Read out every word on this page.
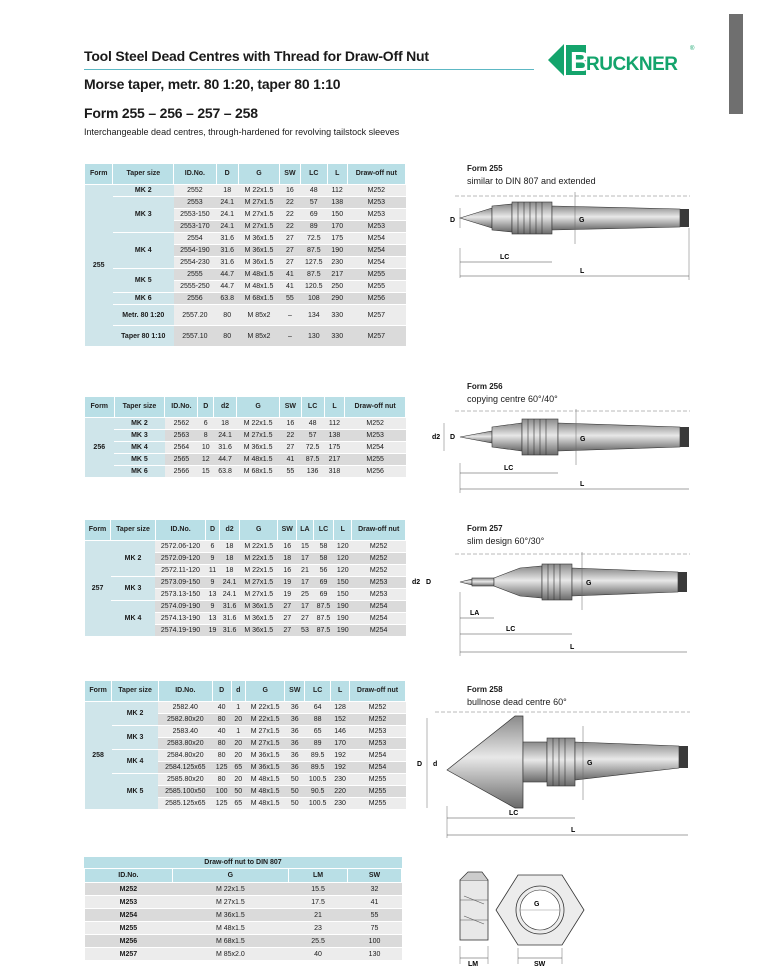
Tool Steel Dead Centres with Thread for Draw-Off Nut
Morse taper, metr. 80 1:20, taper 80 1:10
Form 255 – 256 – 257 – 258
Interchangeable dead centres, through-hardened for revolving tailstock sleeves
B
RUCKNER
®
Form	Taper size	ID.No.	D	G	SW	LC	L	Draw-off nut
255	MK 2	2552	18	M 22x1.5	16	48	112	M252
	MK 3	2553	24.1	M 27x1.5	22	57	138	M253
		2553-150	24.1	M 27x1.5	22	69	150	M253
		2553-170	24.1	M 27x1.5	22	89	170	M253
	MK 4	2554	31.6	M 36x1.5	27	72.5	175	M254
		2554-190	31.6	M 36x1.5	27	87.5	190	M254
		2554-230	31.6	M 36x1.5	27	127.5	230	M254
	MK 5	2555	44.7	M 48x1.5	41	87.5	217	M255
		2555-250	44.7	M 48x1.5	41	120.5	250	M255
	MK 6	2556	63.8	M 68x1.5	55	108	290	M256
	Metr. 80 1:20	2557.20	80	M 85x2	–	134	330	M257
	Taper 80 1:10	2557.10	80	M 85x2	–	130	330	M257
Form	Taper size	ID.No.	D	d2	G	SW	LC	L	Draw-off nut
256	MK 2	2562	6	18	M 22x1.5	16	48	112	M252
	MK 3	2563	8	24.1	M 27x1.5	22	57	138	M253
	MK 4	2564	10	31.6	M 36x1.5	27	72.5	175	M254
	MK 5	2565	12	44.7	M 48x1.5	41	87.5	217	M255
	MK 6	2566	15	63.8	M 68x1.5	55	136	318	M256
Form	Taper size	ID.No.	D	d2	G	SW	LA	LC	L	Draw-off nut
257	MK 2	2572.06-120	6	18	M 22x1.5	16	15	58	120	M252
		2572.09-120	9	18	M 22x1.5	18	17	58	120	M252
		2572.11-120	11	18	M 22x1.5	16	21	56	120	M252
	MK 3	2573.09-150	9	24.1	M 27x1.5	19	17	69	150	M253
		2573.13-150	13	24.1	M 27x1.5	19	25	69	150	M253
	MK 4	2574.09-190	9	31.6	M 36x1.5	27	17	87.5	190	M254
		2574.13-190	13	31.6	M 36x1.5	27	27	87.5	190	M254
		2574.19-190	19	31.6	M 36x1.5	27	53	87.5	190	M254
Form	Taper size	ID.No.	D	d	G	SW	LC	L	Draw-off nut
258	MK 2	2582.40	40	1	M 22x1.5	36	64	128	M252
		2582.80x20	80	20	M 22x1.5	36	88	152	M252
	MK 3	2583.40	40	1	M 27x1.5	36	65	146	M253
		2583.80x20	80	20	M 27x1.5	36	89	170	M253
	MK 4	2584.80x20	80	20	M 36x1.5	36	89.5	192	M254
		2584.125x65	125	65	M 36x1.5	36	89.5	192	M254
	MK 5	2585.80x20	80	20	M 48x1.5	50	100.5	230	M255
		2585.100x50	100	50	M 48x1.5	50	90.5	220	M255
		2585.125x65	125	65	M 48x1.5	50	100.5	230	M255
Draw-off nut to DIN 807
ID.No.	G	LM	SW
M252	M 22x1.5	15.5	32
M253	M 27x1.5	17.5	41
M254	M 36x1.5	21	55
M255	M 48x1.5	23	75
M256	M 68x1.5	25.5	100
M257	M 85x2.0	40	130
Form 255
similar to DIN 807 and extended
G
D
LC
L
Form 256
copying centre 60°/40°
G
d2 D
LC
L
Form 257
slim design 60°/30°
G
d2 D
LA
LC
L
Form 258
bullnose dead centre 60°
G
D d
LC
L
LM
G
SW
